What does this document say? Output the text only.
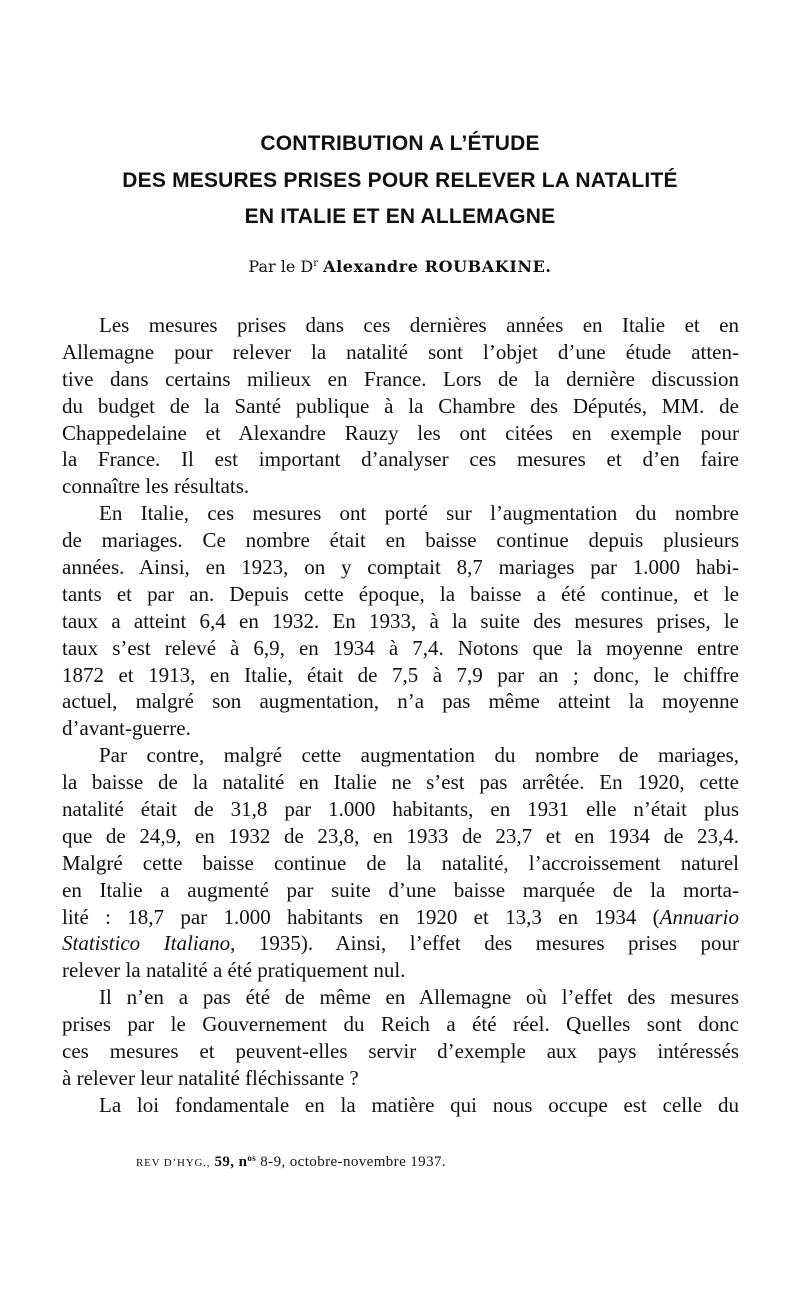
CONTRIBUTION A L’ÉTUDE
DES MESURES PRISES POUR RELEVER LA NATALITÉ
EN ITALIE ET EN ALLEMAGNE
Par le $D^r$ Alexandre ROUBAKINE.
Les mesures prises dans ces dernières années en Italie et en
Allemagne pour relever la natalité sont l’objet d’une étude atten-
tive dans certains milieux en France. Lors de la dernière discussion
du budget de la Santé publique à la Chambre des Députés, MM. de
Chappedelaine et Alexandre Rauzy les ont citées en exemple pour
la France. Il est important d’analyser ces mesures et d’en faire
connaître les résultats.
En Italie, ces mesures ont porté sur l’augmentation du nombre
de mariages. Ce nombre était en baisse continue depuis plusieurs
années. Ainsi, en 1923, on y comptait 8,7 mariages par 1.000 habi-
tants et par an. Depuis cette époque, la baisse a été continue, et le
taux a atteint 6,4 en 1932. En 1933, à la suite des mesures prises, le
taux s’est relevé à 6,9, en 1934 à 7,4. Notons que la moyenne entre
1872 et 1913, en Italie, était de 7,5 à 7,9 par an ; donc, le chiffre
actuel, malgré son augmentation, n’a pas même atteint la moyenne
d’avant-guerre.
Par contre, malgré cette augmentation du nombre de mariages,
la baisse de la natalité en Italie ne s’est pas arrêtée. En 1920, cette
natalité était de 31,8 par 1.000 habitants, en 1931 elle n’était plus
que de 24,9, en 1932 de 23,8, en 1933 de 23,7 et en 1934 de 23,4.
Malgré cette baisse continue de la natalité, l’accroissement naturel
en Italie a augmenté par suite d’une baisse marquée de la morta-
lité : 18,7 par 1.000 habitants en 1920 et 13,3 en 1934 (Annuario
Statistico Italiano, 1935). Ainsi, l’effet des mesures prises pour
relever la natalité a été pratiquement nul.
Il n’en a pas été de même en Allemagne où l’effet des mesures
prises par le Gouvernement du Reich a été réel. Quelles sont donc
ces mesures et peuvent-elles servir d’exemple aux pays intéressés
à relever leur natalité fléchissante ?
La loi fondamentale en la matière qui nous occupe est celle du
REV D’HYG., 59, $n^{os}$ 8-9, octobre-novembre 1937.
